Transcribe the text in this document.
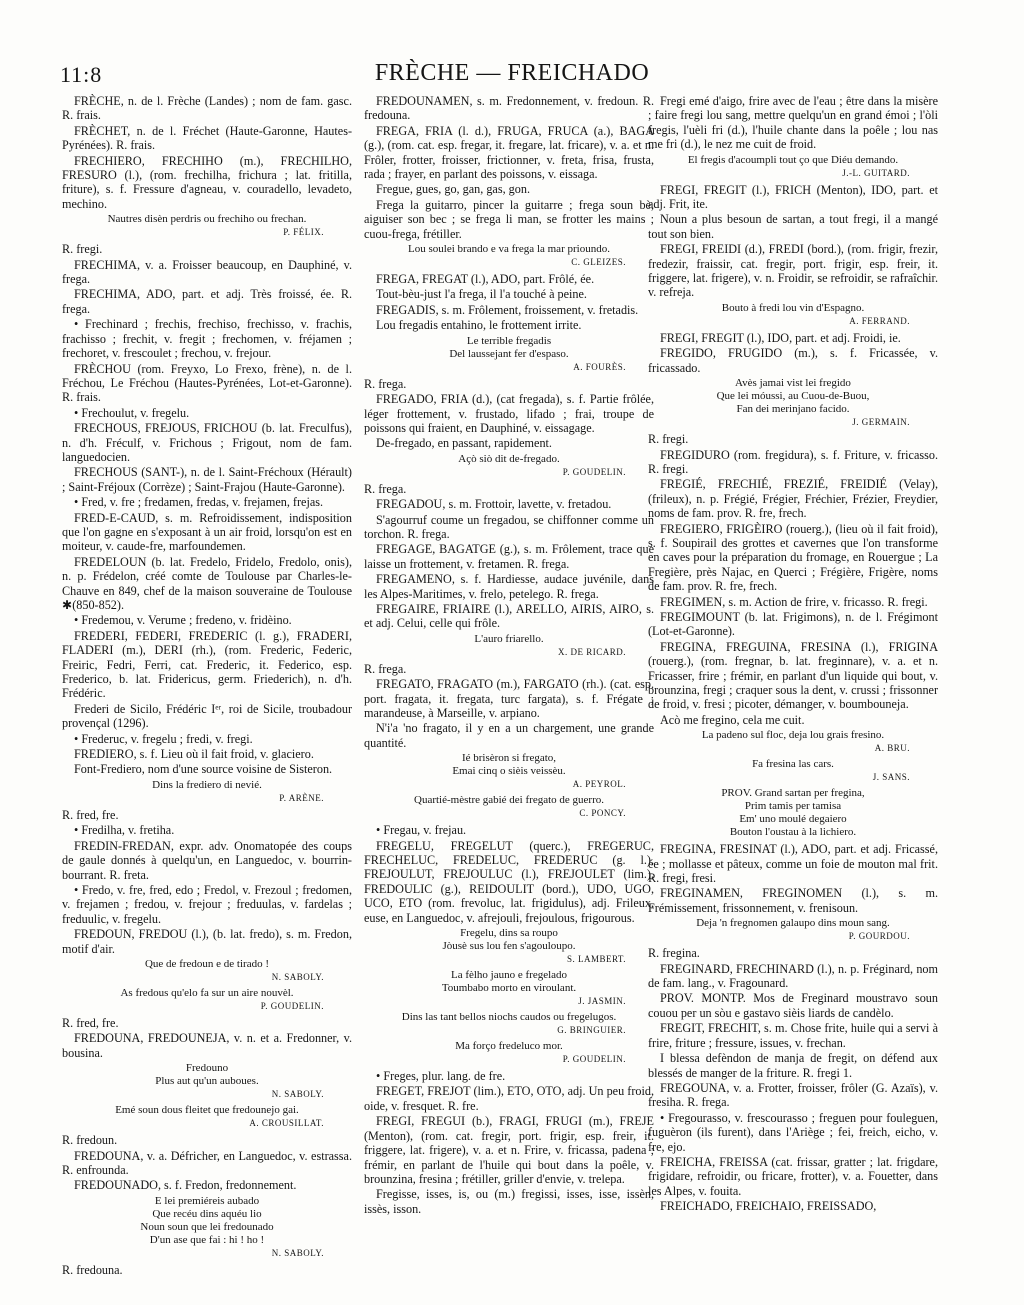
11:8	FRÈCHE — FREICHADO

FRÈCHE, n. de l. Frèche (Landes) ; nom de fam. gasc. R. frais.

FRÈCHET, n. de l. Fréchet (Haute-Garonne, Hautes-Pyrénées). R. frais.

FRECHIERO, FRECHIHO (m.), FRECHILHO, FRESURO (l.), (rom. frechilha, frichura ; lat. fritilla, friture), s. f. Fressure d'agneau, v. couradello, levadeto, mechino.

Nautres disèn perdris ou frechiho ou frechan.
P. FÉLIX.

R. fregi.

FRECHIMA, v. a. Froisser beaucoup, en Dauphiné, v. frega.

FRECHIMA, ADO, part. et adj. Très froissé, ée. R. frega.

• Frechinard ; frechis, frechiso, frechisso, v. frachis, frachisso ; frechit, v. fregit ; frechomen, v. fréjamen ; frechoret, v. frescoulet ; frechou, v. frejour.

FRÈCHOU (rom. Freyxo, Lo Frexo, frène), n. de l. Fréchou, Le Fréchou (Hautes-Pyrénées, Lot-et-Garonne). R. frais.

• Frechoulut, v. fregelu.

FRECHOUS, FREJOUS, FRICHOU (b. lat. Freculfus), n. d'h. Fréculf, v. Frichous ; Frigout, nom de fam. languedocien.

FRECHOUS (SANT-), n. de l. Saint-Fréchoux (Hérault) ; Saint-Fréjoux (Corrèze) ; Saint-Frajou (Haute-Garonne).

• Fred, v. fre ; fredamen, fredas, v. frejamen, frejas.

FRED-E-CAUD, s. m. Refroidissement, indisposition que l'on gagne en s'exposant à un air froid, lorsqu'on est en moiteur, v. caude-fre, marfoundemen.

FREDELOUN (b. lat. Fredelo, Fridelo, Fredolo, onis), n. p. Frédelon, créé comte de Toulouse par Charles-le-Chauve en 849, chef de la maison souveraine de Toulouse ✱(850-852).

• Fredemou, v. Verume ; fredeno, v. fridèino.

FREDERI, FEDERI, FREDERIC (l. g.), FRADERI, FLADERI (m.), DERI (rh.), (rom. Frederic, Federic, Freiric, Fedri, Ferri, cat. Frederic, it. Federico, esp. Frederico, b. lat. Fridericus, germ. Friederich), n. d'h. Frédéric.

Frederi de Sicilo, Frédéric Iᵉʳ, roi de Sicile, troubadour provençal (1296).

• Frederuc, v. fregelu ; fredi, v. fregi.

FREDIERO, s. f. Lieu où il fait froid, v. glaciero.

Font-Frediero, nom d'une source voisine de Sisteron.

Dins la frediero di nevié.
P. ARÈNE.

R. fred, fre.

• Fredilha, v. fretiha.

FREDIN-FREDAN, expr. adv. Onomatopée des coups de gaule donnés à quelqu'un, en Languedoc, v. bourrin-bourrant. R. freta.

• Fredo, v. fre, fred, edo ; Fredol, v. Frezoul ; fredomen, v. frejamen ; fredou, v. frejour ; freduulas, v. fardelas ; freduulic, v. fregelu.

FREDOUN, FREDOU (l.), (b. lat. fredo), s. m. Fredon, motif d'air.

Que de fredoun e de tirado !
N. SABOLY.
As fredous qu'elo fa sur un aire nouvèl.
P. GOUDELIN.

R. fred, fre.

FREDOUNA, FREDOUNEJA, v. n. et a. Fredonner, v. bousina.

Fredouno
Plus aut qu'un auboues.
N. SABOLY.
Emé soun dous fleitet que fredounejo gai.
A. CROUSILLAT.

R. fredoun.

FREDOUNA, v. a. Défricher, en Languedoc, v. estrassa. R. enfrounda.

FREDOUNADO, s. f. Fredon, fredonnement.

E lei premiéreis aubado
Que recéu dins aquéu lio
Noun soun que lei fredounado
D'un ase que fai : hi ! ho !
N. SABOLY.

R. fredouna.

FREDOUNAMEN, s. m. Fredonnement, v. fredoun. R. fredouna.

FREGA, FRIA (l. d.), FRUGA, FRUCA (a.), BAGA (g.), (rom. cat. esp. fregar, it. fregare, lat. fricare), v. a. et n. Frôler, frotter, froisser, frictionner, v. freta, frisa, frusta, rada ; frayer, en parlant des poissons, v. eissaga.

Fregue, gues, go, gan, gas, gon.

Frega la guitarro, pincer la guitarre ; frega soun bè, aiguiser son bec ; se frega li man, se frotter les mains ; cuou-frega, frétiller.

Lou soulei brando e va frega la mar prioundo.
C. GLEIZES.

FREGA, FREGAT (l.), ADO, part. Frôlé, ée.

Tout-bèu-just l'a frega, il l'a touché à peine.

FREGADIS, s. m. Frôlement, froissement, v. fretadis.

Lou fregadis entahino, le frottement irrite.

Le terrible fregadis
Del laussejant fer d'espaso.
A. FOURÈS.

R. frega.

FREGADO, FRIA (d.), (cat fregada), s. f. Partie frôlée, léger frottement, v. frustado, lifado ; frai, troupe de poissons qui fraient, en Dauphiné, v. eissagage.

De-fregado, en passant, rapidement.

Açò siò dit de-fregado.
P. GOUDELIN.

R. frega.

FREGADOU, s. m. Frottoir, lavette, v. fretadou.

S'agourruf coume un fregadou, se chiffonner comme un torchon. R. frega.

FREGAGE, BAGATGE (g.), s. m. Frôlement, trace que laisse un frottement, v. fretamen. R. frega.

FREGAMENO, s. f. Hardiesse, audace juvénile, dans les Alpes-Maritimes, v. frelo, petelego. R. frega.

FREGAIRE, FRIAIRE (l.), ARELLO, AIRIS, AIRO, s. et adj. Celui, celle qui frôle.

L'auro friarello.
X. DE RICARD.

R. frega.

FREGATO, FRAGATO (m.), FARGATO (rh.). (cat. esp. port. fragata, it. fregata, turc fargata), s. f. Frégate ; marandeuse, à Marseille, v. arpiano.

N'i'a 'no fragato, il y en a un chargement, une grande quantité.

Ié brisèron si fregato,
Emai cinq o sièis veissèu.
A. PEYROL.
Quartié-mèstre gabié dei fregato de guerro.
C. PONCY.

• Fregau, v. frejau.

FREGELU, FREGELUT (querc.), FREGERUC, FRECHELUC, FREDELUC, FREDERUC (g. l.), FREJOULUT, FREJOULUC (l.), FREJOULET (lim.), FREDOULIC (g.), REIDOULIT (bord.), UDO, UGO, UCO, ETO (rom. frevoluc, lat. frigidulus), adj. Frileux, euse, en Languedoc, v. afrejouli, frejoulous, frigourous.

Fregelu, dins sa roupo
Jòusè sus lou fen s'agouloupo.
S. LAMBERT.
La fèlho jauno e fregelado
Toumbabo morto en viroulant.
J. JASMIN.
Dins las tant bellos niochs caudos ou fregelugos.
G. BRINGUIER.
Ma forço fredeluco mor.
P. GOUDELIN.

• Freges, plur. lang. de fre.

FREGET, FREJOT (lim.), ETO, OTO, adj. Un peu froid, oide, v. fresquet. R. fre.

FREGI, FREGUI (b.), FRAGI, FRUGI (m.), FREJE (Menton), (rom. cat. fregir, port. frigir, esp. freir, it. friggere, lat. frigere), v. a. et n. Frire, v. fricassa, padena ; frémir, en parlant de l'huile qui bout dans la poêle, v. brounzina, fresina ; frétiller, griller d'envie, v. trelepa.

Fregisse, isses, is, ou (m.) fregissi, isses, isse, issèn, issès, isson.

Fregi emé d'aigo, frire avec de l'eau ; être dans la misère ; faire fregi lou sang, mettre quelqu'un en grand émoi ; l'òli fregis, l'uèli fri (d.), l'huile chante dans la poêle ; lou nas me fri (d.), le nez me cuit de froid.

El fregis d'acoumpli tout ço que Diéu demando.
J.-L. GUITARD.

FREGI, FREGIT (l.), FRICH (Menton), IDO, part. et adj. Frit, ite.

Noun a plus besoun de sartan, a tout fregi, il a mangé tout son bien.

FREGI, FREIDI (d.), FREDI (bord.), (rom. frigir, frezir, fredezir, fraissir, cat. fregir, port. frigir, esp. freir, it. friggere, lat. frigere), v. n. Froidir, se refroidir, se rafraîchir. v. refreja.

Bouto à fredi lou vin d'Espagno.
A. FERRAND.

FREGI, FREGIT (l.), IDO, part. et adj. Froidi, ie.

FREGIDO, FRUGIDO (m.), s. f. Fricassée, v. fricassado.

Avès jamai vist lei fregido
Que lei móussi, au Cuou-de-Buou,
Fan dei merinjano facido.
J. GERMAIN.

R. fregi.

FREGIDURO (rom. fregidura), s. f. Friture, v. fricasso. R. fregi.

FREGIÉ, FRECHIÉ, FREZIÉ, FREIDIÉ (Velay), (frileux), n. p. Frégié, Frégier, Fréchier, Frézier, Freydier, noms de fam. prov. R. fre, frech.

FREGIERO, FRIGÈIRO (rouerg.), (lieu où il fait froid), s. f. Soupirail des grottes et cavernes que l'on transforme en caves pour la préparation du fromage, en Rouergue ; La Fregière, près Najac, en Querci ; Frégière, Frigère, noms de fam. prov. R. fre, frech.

FREGIMEN, s. m. Action de frire, v. fricasso. R. fregi.

FREGIMOUNT (b. lat. Frigimons), n. de l. Frégimont (Lot-et-Garonne).

FREGINA, FREGUINA, FRESINA (l.), FRIGINA (rouerg.), (rom. fregnar, b. lat. freginnare), v. a. et n. Fricasser, frire ; frémir, en parlant d'un liquide qui bout, v. brounzina, fregi ; craquer sous la dent, v. crussi ; frissonner de froid, v. fresi ; picoter, démanger, v. boumbouneja.

Acò me fregino, cela me cuit.

La padeno sul floc, deja lou grais fresino.
A. BRU.
Fa fresina las cars.
J. SANS.
PROV. Grand sartan per fregina,
Prim tamis per tamisa
Em' uno moulé degaiero
Bouton l'oustau à la lichiero.

FREGINA, FRESINAT (l.), ADO, part. et adj. Fricassé, ée ; mollasse et pâteux, comme un foie de mouton mal frit. R. fregi, fresi.

FREGINAMEN, FREGINOMEN (l.), s. m. Frémissement, frissonnement, v. frenisoun.

Deja 'n fregnomen galaupo dins moun sang.
P. GOURDOU.

R. fregina.

FREGINARD, FRECHINARD (l.), n. p. Fréginard, nom de fam. lang., v. Fragounard.

PROV. MONTP. Mos de Freginard moustravo soun couou per un sòu e gastavo sièis liards de candèlo.

FREGIT, FRECHIT, s. m. Chose frite, huile qui a servi à frire, friture ; fressure, issues, v. frechan.

I blessa defèndon de manja de fregit, on défend aux blessés de manger de la friture. R. fregi 1.

FREGOUNA, v. a. Frotter, froisser, frôler (G. Azaïs), v. fresiha. R. frega.

• Fregourasso, v. frescourasso ; freguen pour fouleguen, fuguèron (ils furent), dans l'Ariège ; fei, freich, eicho, v. fre, ejo.

FREICHA, FREISSA (cat. frissar, gratter ; lat. frigdare, frigidare, refroidir, ou fricare, frotter), v. a. Fouetter, dans les Alpes, v. fouita.

FREICHADO, FREICHAIO, FREISSADO,
